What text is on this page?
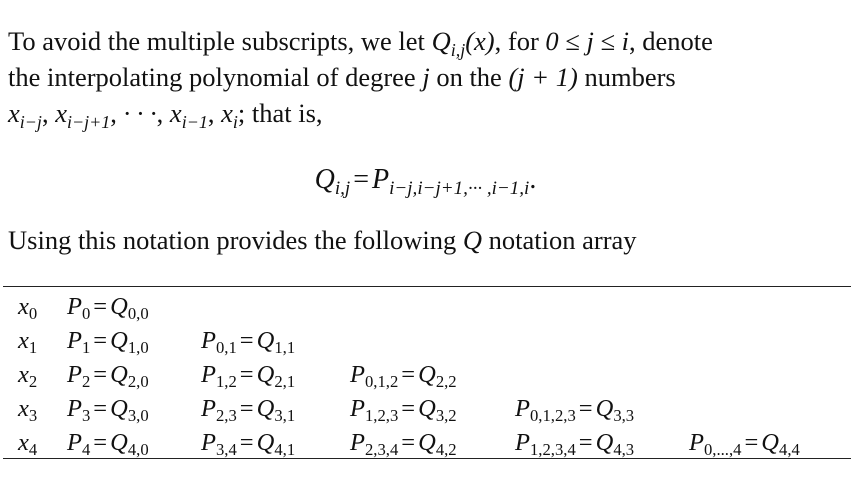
To avoid the multiple subscripts, we let $Q_{i,j}(x)$, for 0 ≤ j ≤ i, denote
the interpolating polynomial of degree j on the (j + 1) numbers
$x_{i-j}$, $x_{i-j+1}$, · · ·, $x_{i-1}$, $x_i$; that is,
$Q_{i,j} = P_{i-j,i-j+1,\cdot\cdot\cdot ,i-1,i}$.
Using this notation provides the following Q notation array
$x_0$ $P_0 = Q_{0,0}$
$x_1$ $P_1 = Q_{1,0}$ $P_{0,1} = Q_{1,1}$
$x_2$ $P_2 = Q_{2,0}$ $P_{1,2} = Q_{2,1}$ $P_{0,1,2} = Q_{2,2}$
$x_3$ $P_3 = Q_{3,0}$ $P_{2,3} = Q_{3,1}$ $P_{1,2,3} = Q_{3,2}$ $P_{0,1,2,3} = Q_{3,3}$
$x_4$ $P_4 = Q_{4,0}$ $P_{3,4} = Q_{4,1}$ $P_{2,3,4} = Q_{4,2}$ $P_{1,2,3,4} = Q_{4,3}$ $P_{0,...,4} = Q_{4,4}$
